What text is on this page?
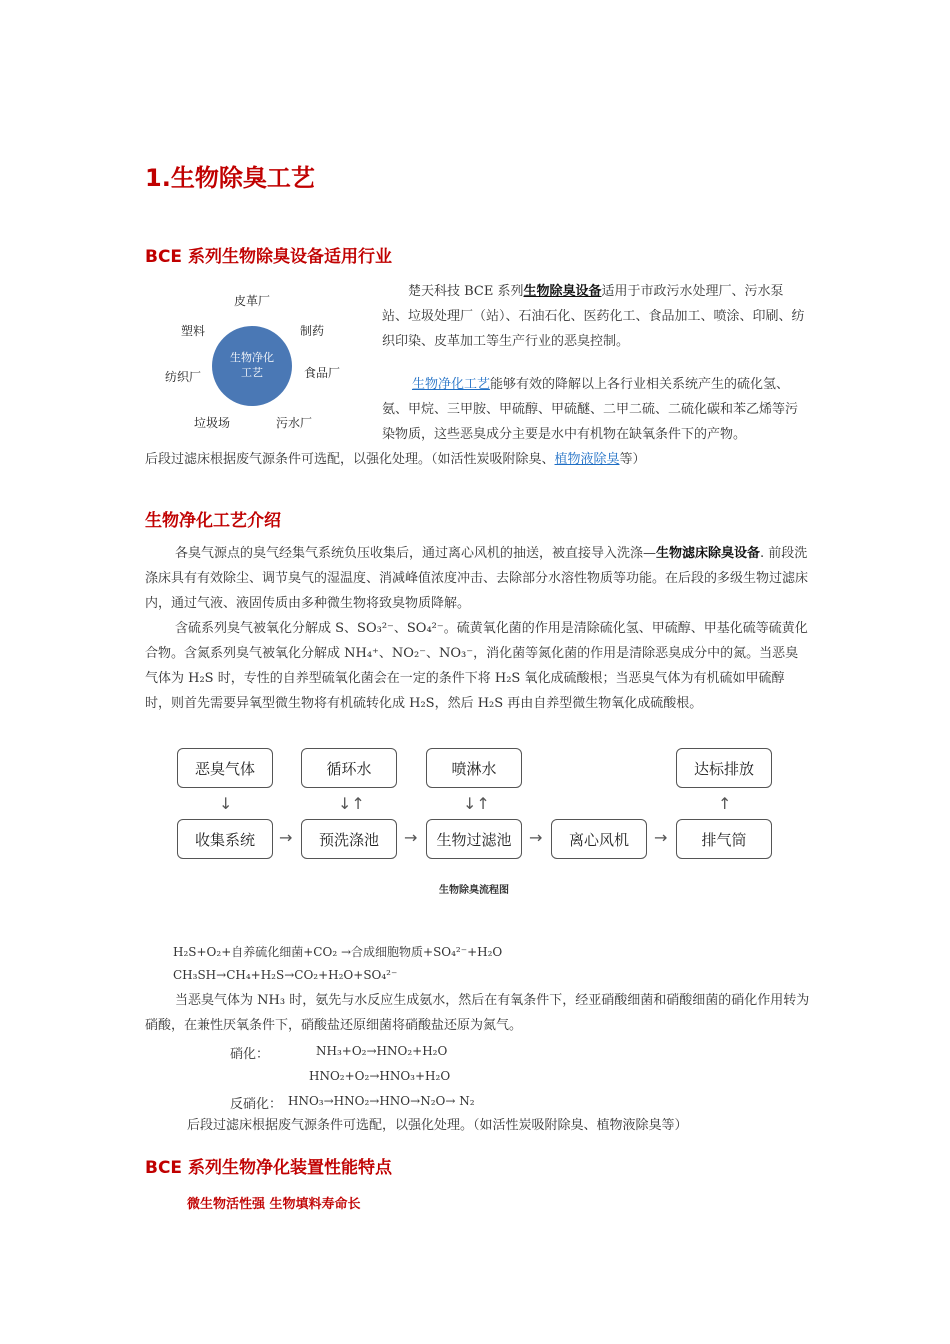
1.生物除臭工艺
BCE 系列生物除臭设备适用行业
生物净化工艺
皮革厂
制药
食品厂
污水厂
垃圾场
纺织厂
塑料
楚天科技 BCE 系列生物除臭设备适用于市政污水处理厂、污水泵站、垃圾处理厂（站）、石油石化、医药化工、食品加工、喷涂、印刷、纺织印染、皮革加工等生产行业的恶臭控制。
生物净化工艺能够有效的降解以上各行业相关系统产生的硫化氢、氨、甲烷、三甲胺、甲硫醇、甲硫醚、二甲二硫、二硫化碳和苯乙烯等污染物质，这些恶臭成分主要是水中有机物在缺氧条件下的产物。
后段过滤床根据废气源条件可选配，以强化处理。（如活性炭吸附除臭、植物液除臭等）
生物净化工艺介绍
各臭气源点的臭气经集气系统负压收集后，通过离心风机的抽送，被直接导入洗涤—生物滤床除臭设备. 前段洗涤床具有有效除尘、调节臭气的湿温度、消减峰值浓度冲击、去除部分水溶性物质等功能。在后段的多级生物过滤床内，通过气液、液固传质由多种微生物将致臭物质降解。
含硫系列臭气被氧化分解成 S、SO₃²⁻、SO₄²⁻。硫黄氧化菌的作用是清除硫化氢、甲硫醇、甲基化硫等硫黄化合物。含氮系列臭气被氧化分解成 NH₄⁺、NO₂⁻、NO₃⁻，消化菌等氮化菌的作用是清除恶臭成分中的氮。当恶臭气体为 H₂S 时，专性的自养型硫氧化菌会在一定的条件下将 H₂S 氧化成硫酸根；当恶臭气体为有机硫如甲硫醇时，则首先需要异氧型微生物将有机硫转化成 H₂S，然后 H₂S 再由自养型微生物氧化成硫酸根。
恶臭气体	循环水	喷淋水	达标排放
收集系统	预洗涤池	生物过滤池	离心风机	排气筒
↓	↓↑	↓↑	↑
→	→	→	→
生物除臭流程图
H₂S+O₂+自养硫化细菌+CO₂ →合成细胞物质+SO₄²⁻+H₂O
CH₃SH→CH₄+H₂S→CO₂+H₂O+SO₄²⁻
当恶臭气体为 NH₃ 时，氨先与水反应生成氨水，然后在有氧条件下，经亚硝酸细菌和硝酸细菌的硝化作用转为硝酸，在兼性厌氧条件下，硝酸盐还原细菌将硝酸盐还原为氮气。
硝化：	NH₃+O₂→HNO₂+H₂O
HNO₂+O₂→HNO₃+H₂O
反硝化： HNO₃→HNO₂→HNO→N₂O→ N₂
后段过滤床根据废气源条件可选配，以强化处理。（如活性炭吸附除臭、植物液除臭等）
BCE 系列生物净化装置性能特点
微生物活性强 生物填料寿命长
